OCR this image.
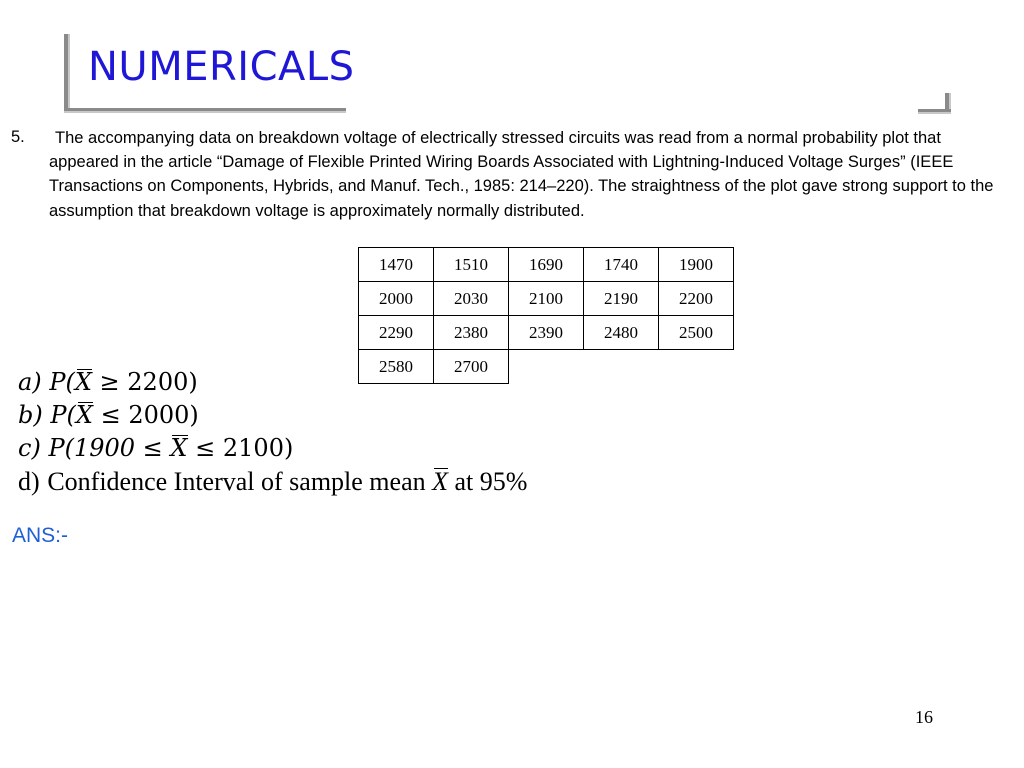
NUMERICALS
5.	The accompanying data on breakdown voltage of electrically stressed circuits was read from a normal probability plot that appeared in the article “Damage of Flexible Printed Wiring Boards Associated with Lightning-Induced Voltage Surges” (IEEE Transactions on Components, Hybrids, and Manuf. Tech., 1985: 214–220). The straightness of the plot gave strong support to the assumption that breakdown voltage is approximately normally distributed.

1470	1510	1690	1740	1900
2000	2030	2100	2190	2200
2290	2380	2390	2480	2500
2580	2700			
a) P(X ≥ 2200)
b) P(X ≤ 2000)
c) P(1900 ≤ X ≤ 2100)
d) Confidence Interval of sample mean X at 95%

ANS:-

16
